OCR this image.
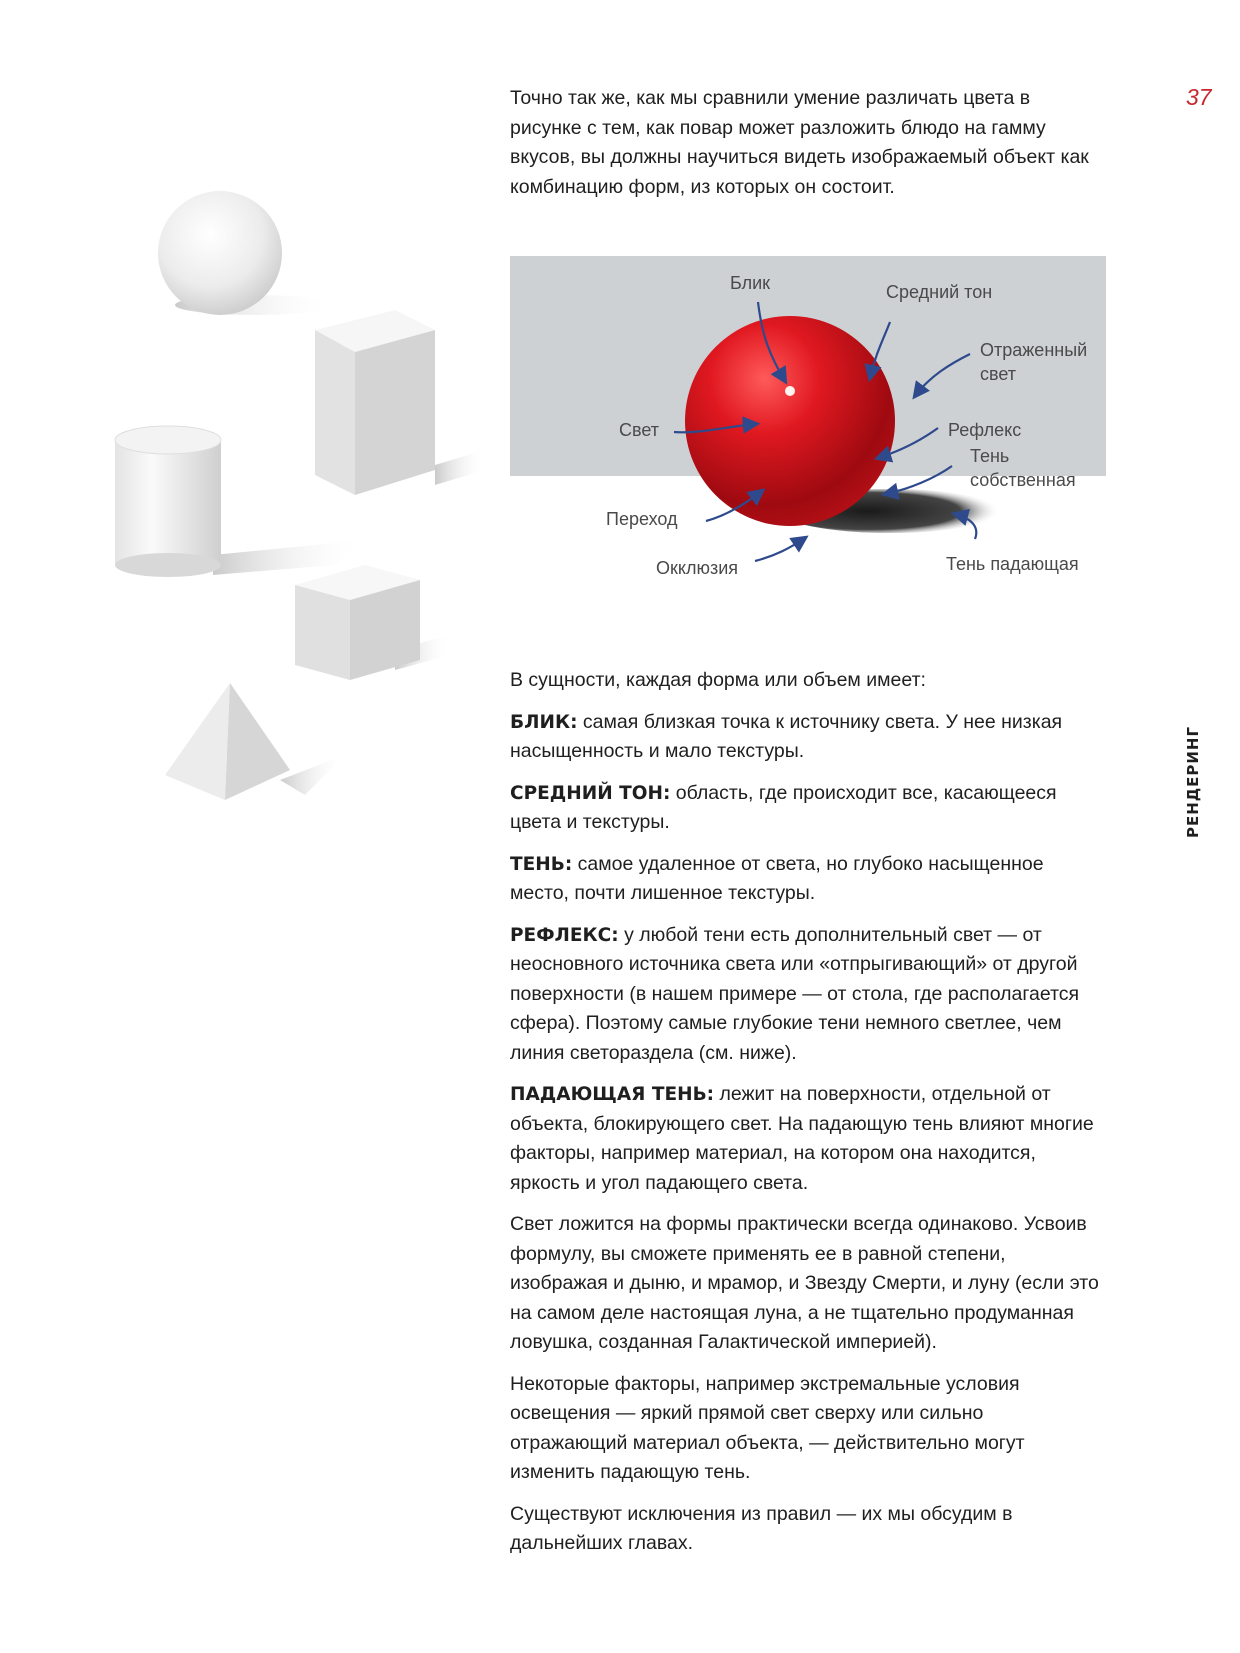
37
РЕНДЕРИНГ

Точно так же, как мы сравнили умение различать цвета в рисунке с тем, как повар может разложить блюдо на гамму вкусов, вы должны научиться видеть изображаемый объект как комбинацию форм, из которых он состоит.

Блик	Средний тон
Отраженный
свет
Свет	Рефлекс
Тень
собственная
Переход
Окклюзия	Тень падающая

В сущности, каждая форма или объем имеет:

БЛИК: самая близкая точка к источнику света. У нее низкая насыщенность и мало текстуры.

СРЕДНИЙ ТОН: область, где происходит все, касающееся цвета и текстуры.

ТЕНЬ: самое удаленное от света, но глубоко насыщенное место, почти лишенное текстуры.

РЕФЛЕКС: у любой тени есть дополнительный свет — от неосновного источника света или «отпрыгивающий» от другой поверхности (в нашем примере — от стола, где располагается сфера). Поэтому самые глубокие тени немного светлее, чем линия светораздела (см. ниже).

ПАДАЮЩАЯ ТЕНЬ: лежит на поверхности, отдельной от объекта, блокирующего свет. На падающую тень влияют многие факторы, например материал, на котором она находится, яркость и угол падающего света.

Свет ложится на формы практически всегда одинаково. Усвоив формулу, вы сможете применять ее в равной степени, изображая и дыню, и мрамор, и Звезду Смерти, и луну (если это на самом деле настоящая луна, а не тщательно продуманная ловушка, созданная Галактической империей).

Некоторые факторы, например экстремальные условия освещения — яркий прямой свет сверху или сильно отражающий материал объекта, — действительно могут изменить падающую тень.

Существуют исключения из правил — их мы обсудим в дальнейших главах.
